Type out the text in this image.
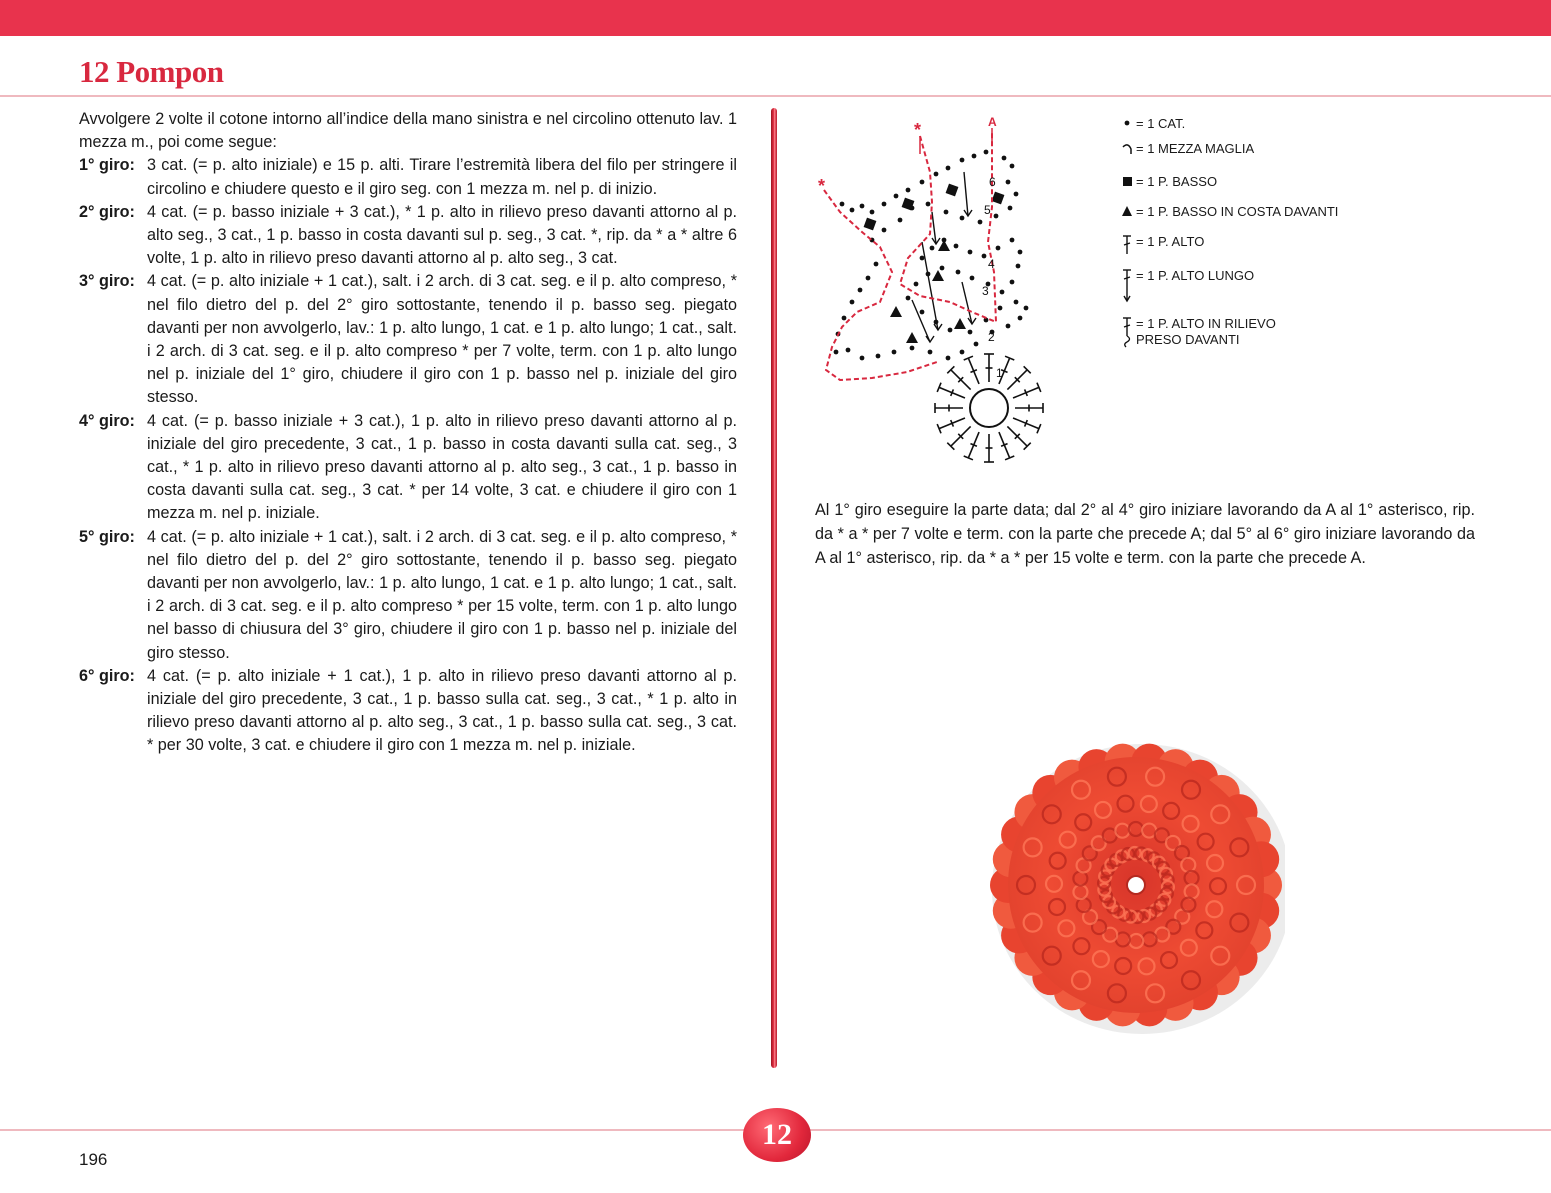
12 Pompon

Avvolgere 2 volte il cotone intorno all’indice della mano sinistra e nel circolino ottenuto lav. 1 mezza m., poi come segue:

1° giro: 3 cat. (= p. alto iniziale) e 15 p. alti. Tirare l’estremità libera del filo per stringere il circolino e chiudere questo e il giro seg. con 1 mezza m. nel p. di inizio.
2° giro: 4 cat. (= p. basso iniziale + 3 cat.), * 1 p. alto in rilievo preso davanti attorno al p. alto seg., 3 cat., 1 p. basso in costa davanti sul p. seg., 3 cat. *, rip. da * a * altre 6 volte, 1 p. alto in rilievo preso davanti attorno al p. alto seg., 3 cat.
3° giro: 4 cat. (= p. alto iniziale + 1 cat.), salt. i 2 arch. di 3 cat. seg. e il p. alto compreso, * nel filo dietro del p. del 2° giro sottostante, tenendo il p. basso seg. piegato davanti per non avvolgerlo, lav.: 1 p. alto lungo, 1 cat. e 1 p. alto lungo; 1 cat., salt. i 2 arch. di 3 cat. seg. e il p. alto compreso * per 7 volte, term. con 1 p. alto lungo nel p. iniziale del 1° giro, chiudere il giro con 1 p. basso nel p. iniziale del giro stesso.
4° giro: 4 cat. (= p. basso iniziale + 3 cat.), 1 p. alto in rilievo preso davanti attorno al p. iniziale del giro precedente, 3 cat., 1 p. basso in costa davanti sulla cat. seg., 3 cat., * 1 p. alto in rilievo preso davanti attorno al p. alto seg., 3 cat., 1 p. basso in costa davanti sulla cat. seg., 3 cat. * per 14 volte, 3 cat. e chiudere il giro con 1 mezza m. nel p. iniziale.
5° giro: 4 cat. (= p. alto iniziale + 1 cat.), salt. i 2 arch. di 3 cat. seg. e il p. alto compreso, * nel filo dietro del p. del 2° giro sottostante, tenendo il p. basso seg. piegato davanti per non avvolgerlo, lav.: 1 p. alto lungo, 1 cat. e 1 p. alto lungo; 1 cat., salt. i 2 arch. di 3 cat. seg. e il p. alto compreso * per 15 volte, term. con 1 p. alto lungo nel basso di chiusura del 3° giro, chiudere il giro con 1 p. basso nel p. iniziale del giro stesso.
6° giro: 4 cat. (= p. alto iniziale + 1 cat.), 1 p. alto in rilievo preso davanti attorno al p. iniziale del giro precedente, 3 cat., 1 p. basso sulla cat. seg., 3 cat., * 1 p. alto in rilievo preso davanti attorno al p. alto seg., 3 cat., 1 p. basso sulla cat. seg., 3 cat. * per 30 volte, 3 cat. e chiudere il giro con 1 mezza m. nel p. iniziale.
*
*
A
1
2
3
4
5
6
= 1 CAT.
= 1 MEZZA MAGLIA
= 1 P. BASSO
= 1 P. BASSO IN COSTA DAVANTI
= 1 P. ALTO
= 1 P. ALTO LUNGO
= 1 P. ALTO IN RILIEVO PRESO DAVANTI

Al 1° giro eseguire la parte data; dal 2° al 4° giro iniziare lavorando da A al 1° asterisco, rip. da * a * per 7 volte e term. con la parte che precede A; dal 5° al 6° giro iniziare lavorando da A al 1° asterisco, rip. da * a * per 15 volte e term. con la parte che precede A.

12
196
